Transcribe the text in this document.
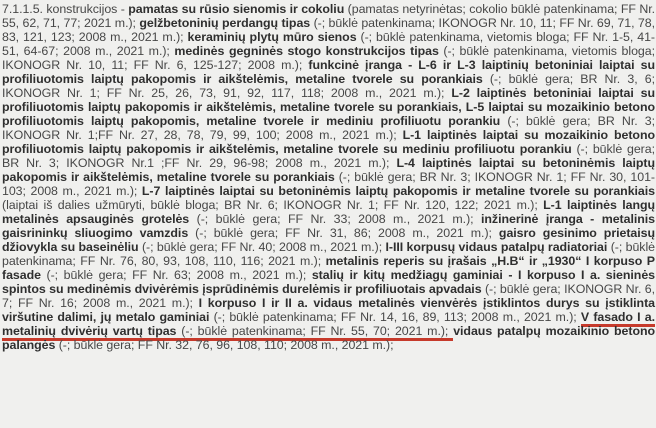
7.1.1.5. konstrukcijos - pamatas su rūsio sienomis ir cokoliu (pamatas netyrinėtas; cokolio būklė patenkinama; FF Nr. 55, 62, 71, 77; 2021 m.); gelžbetoninių perdangų tipas (-; būklė patenkinama; IKONOGR Nr. 10, 11; FF Nr. 69, 71, 78, 83, 121, 123; 2008 m., 2021 m.); keraminių plytų mūro sienos (-; būklė patenkinama, vietomis bloga; FF Nr. 1-5, 41-51, 64-67; 2008 m., 2021 m.); medinės gegninės stogo konstrukcijos tipas (-; būklė patenkinama, vietomis bloga; IKONOGR Nr. 10, 11; FF Nr. 6, 125-127; 2008 m.); funkcinė įranga - L-6 ir L-3 laiptinių betoniniai laiptai su profiliuotomis laiptų pakopomis ir aikštelėmis, metaline tvorele su porankiais (-; būklė gera; BR Nr. 3, 6; IKONOGR Nr. 1; FF Nr. 25, 26, 73, 91, 92, 117, 118; 2008 m., 2021 m.); L-2 laiptinės betoniniai laiptai su profiliuotomis laiptų pakopomis ir aikštelėmis, metaline tvorele su porankiais, L-5 laiptai su mozaikinio betono profiliuotomis laiptų pakopomis, metaline tvorele ir mediniu profiliuotu porankiu (-; būklė gera; BR Nr. 3; IKONOGR Nr. 1;FF Nr. 27, 28, 78, 79, 99, 100; 2008 m., 2021 m.); L-1 laiptinės laiptai su mozaikinio betono profiliuotomis laiptų pakopomis ir aikštelėmis, metaline tvorele su mediniu profiliuotu porankiu (-; būklė gera; BR Nr. 3; IKONOGR Nr.1 ;FF Nr. 29, 96-98; 2008 m., 2021 m.); L-4 laiptinės laiptai su betoninėmis laiptų pakopomis ir aikštelėmis, metaline tvorele su porankiais (-; būklė gera; BR Nr. 3; IKONOGR Nr. 1; FF Nr. 30, 101-103; 2008 m., 2021 m.); L-7 laiptinės laiptai su betoninėmis laiptų pakopomis ir metaline tvorele su porankiais (laiptai iš dalies užmūryti, būklė bloga; BR Nr. 6; IKONOGR Nr. 1; FF Nr. 120, 122; 2021 m.); L-1 laiptinės langų metalinės apsauginės grotelės (-; būklė gera; FF Nr. 33; 2008 m., 2021 m.); inžinerinė įranga - metalinis gaisrininkų sliuogimo vamzdis (-; būklė gera; FF Nr. 31, 86; 2008 m., 2021 m.); gaisro gesinimo prietaisų džiovykla su baseinėliu (-; būklė gera; FF Nr. 40; 2008 m., 2021 m.); I-III korpusų vidaus patalpų radiatoriai (-; būklė patenkinama; FF Nr. 76, 80, 93, 108, 110, 116; 2021 m.); metalinis reperis su įrašais „H.B“ ir „1930“ I korpuso P fasade (-; būklė gera; FF Nr. 63; 2008 m., 2021 m.); stalių ir kitų medžiagų gaminiai - I korpuso I a. sieninės spintos su medinėmis dvivėrėmis įsprūdinėmis durelėmis ir profiliuotais apvadais (-; būklė gera; IKONOGR Nr. 6, 7; FF Nr. 16; 2008 m., 2021 m.); I korpuso I ir II a. vidaus metalinės vienvėrės įstiklintos durys su įstiklinta viršutine dalimi, jų metalo gaminiai (-; būklė patenkinama; FF Nr. 14, 16, 89, 113; 2008 m., 2021 m.); V fasado I a. metalinių dvivėrių vartų tipas (-; būklė patenkinama; FF Nr. 55, 70; 2021 m.); vidaus patalpų mozaikinio betono palangės (-; būklė gera; FF Nr. 32, 76, 96, 108, 110; 2008 m., 2021 m.);
